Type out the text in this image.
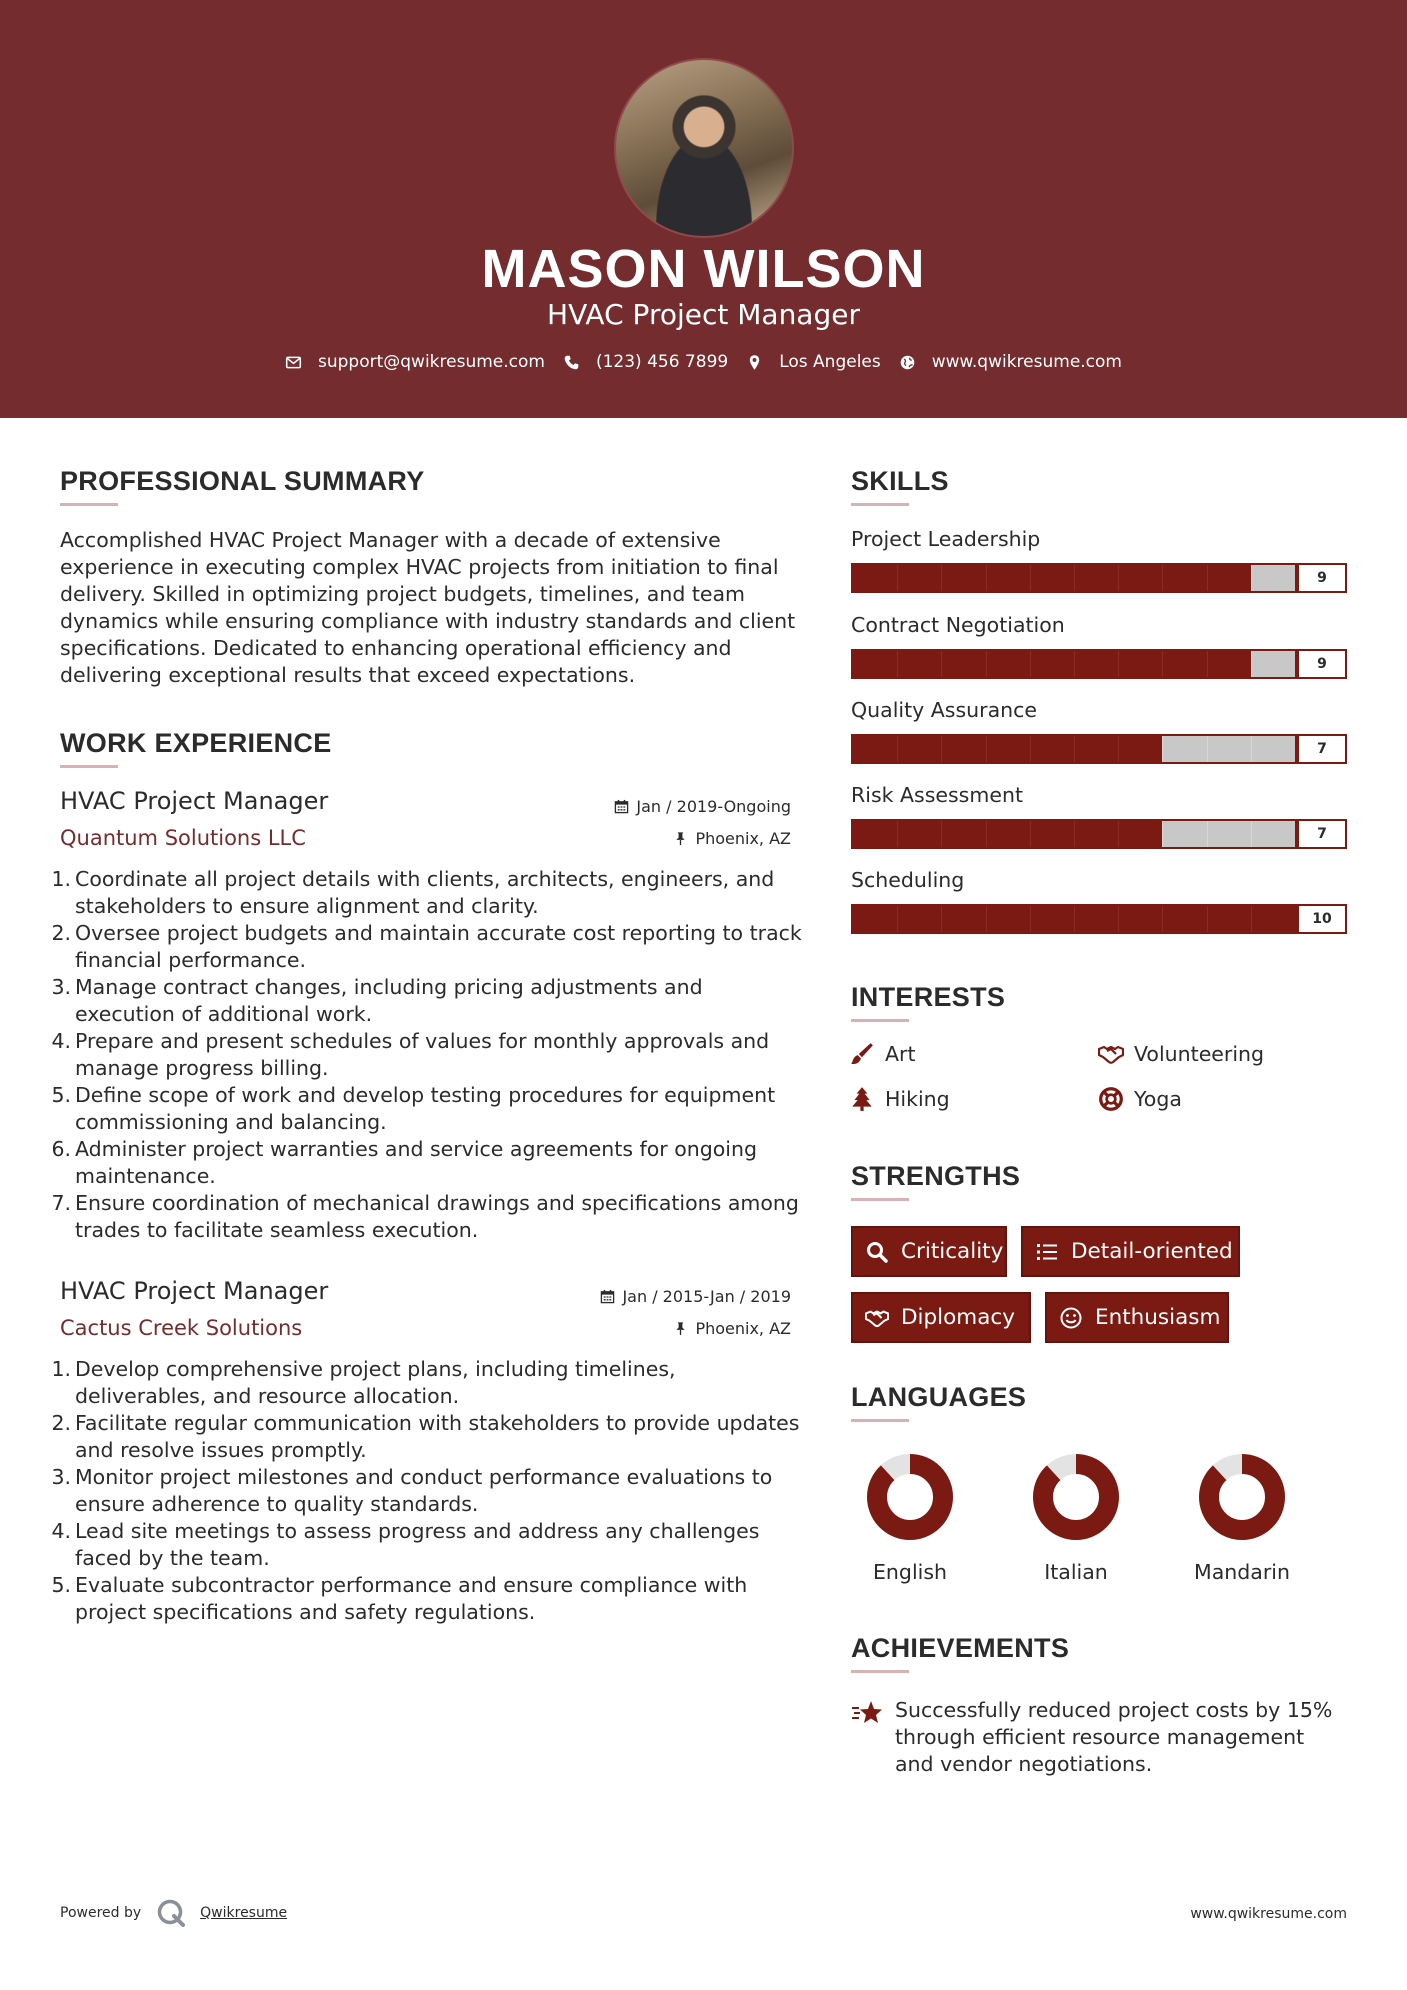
MASON WILSON
HVAC Project Manager
support@qwikresume.com	(123) 456 7899	Los Angeles	www.qwikresume.com
PROFESSIONAL SUMMARY
Accomplished HVAC Project Manager with a decade of extensive experience in executing complex HVAC projects from initiation to final delivery. Skilled in optimizing project budgets, timelines, and team dynamics while ensuring compliance with industry standards and client specifications. Dedicated to enhancing operational efficiency and delivering exceptional results that exceed expectations.
WORK EXPERIENCE
HVAC Project Manager
Quantum Solutions LLC
Jan / 2019-Ongoing
Phoenix, AZ
1. Coordinate all project details with clients, architects, engineers, and stakeholders to ensure alignment and clarity.
2. Oversee project budgets and maintain accurate cost reporting to track financial performance.
3. Manage contract changes, including pricing adjustments and execution of additional work.
4. Prepare and present schedules of values for monthly approvals and manage progress billing.
5. Define scope of work and develop testing procedures for equipment commissioning and balancing.
6. Administer project warranties and service agreements for ongoing maintenance.
7. Ensure coordination of mechanical drawings and specifications among trades to facilitate seamless execution.
HVAC Project Manager
Cactus Creek Solutions
Jan / 2015-Jan / 2019
Phoenix, AZ
1. Develop comprehensive project plans, including timelines, deliverables, and resource allocation.
2. Facilitate regular communication with stakeholders to provide updates and resolve issues promptly.
3. Monitor project milestones and conduct performance evaluations to ensure adherence to quality standards.
4. Lead site meetings to assess progress and address any challenges faced by the team.
5. Evaluate subcontractor performance and ensure compliance with project specifications and safety regulations.
SKILLS
Project Leadership
9
Contract Negotiation
9
Quality Assurance
7
Risk Assessment
7
Scheduling
10
INTERESTS
Art	Volunteering
Hiking	Yoga
STRENGTHS
Criticality	Detail-oriented
Diplomacy	Enthusiasm
LANGUAGES
English	Italian	Mandarin
ACHIEVEMENTS
Successfully reduced project costs by 15% through efficient resource management and vendor negotiations.
Powered by	Qwikresume	www.qwikresume.com
